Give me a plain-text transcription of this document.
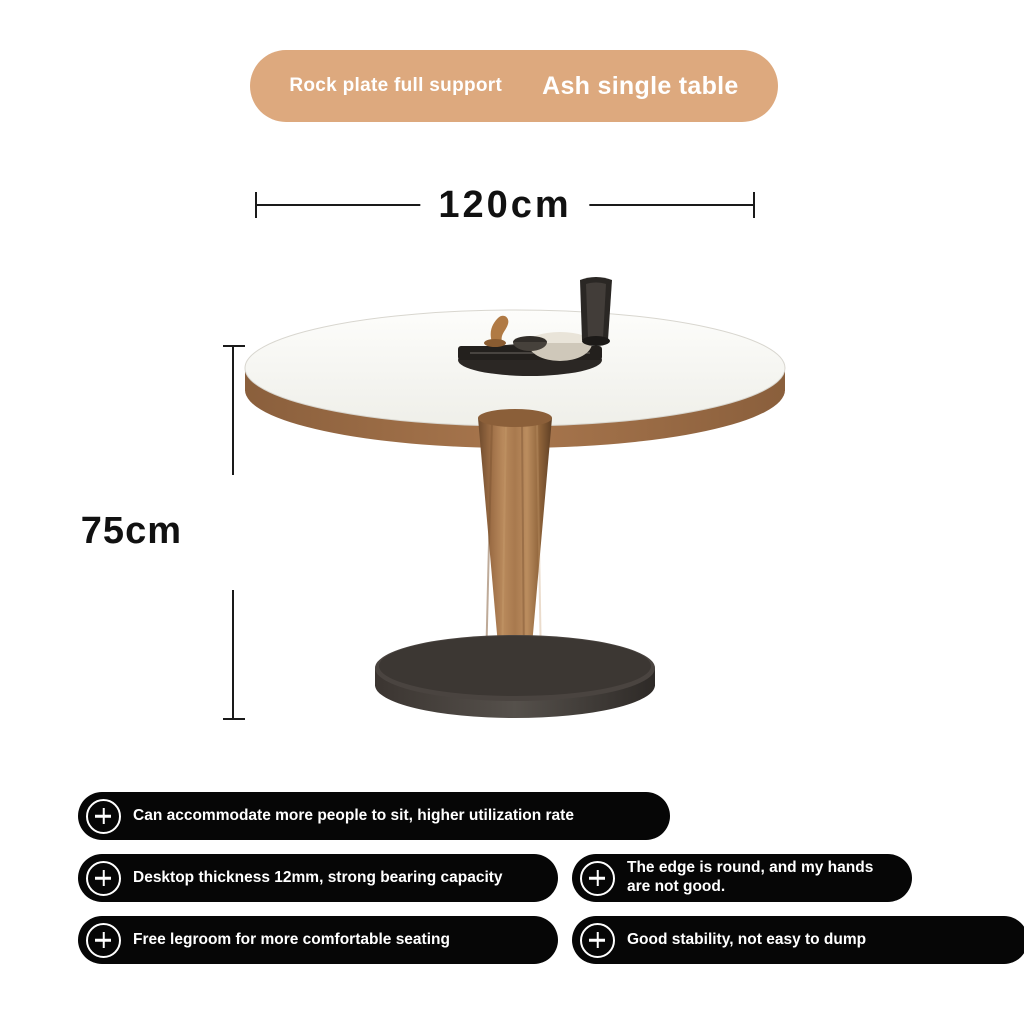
Rock plate full support Ash single table
120cm
75cm
Can accommodate more people to sit, higher utilization rate
Desktop thickness 12mm, strong bearing capacity
The edge is round, and my hands are not good.
Free legroom for more comfortable seating	Good stability, not easy to dump
